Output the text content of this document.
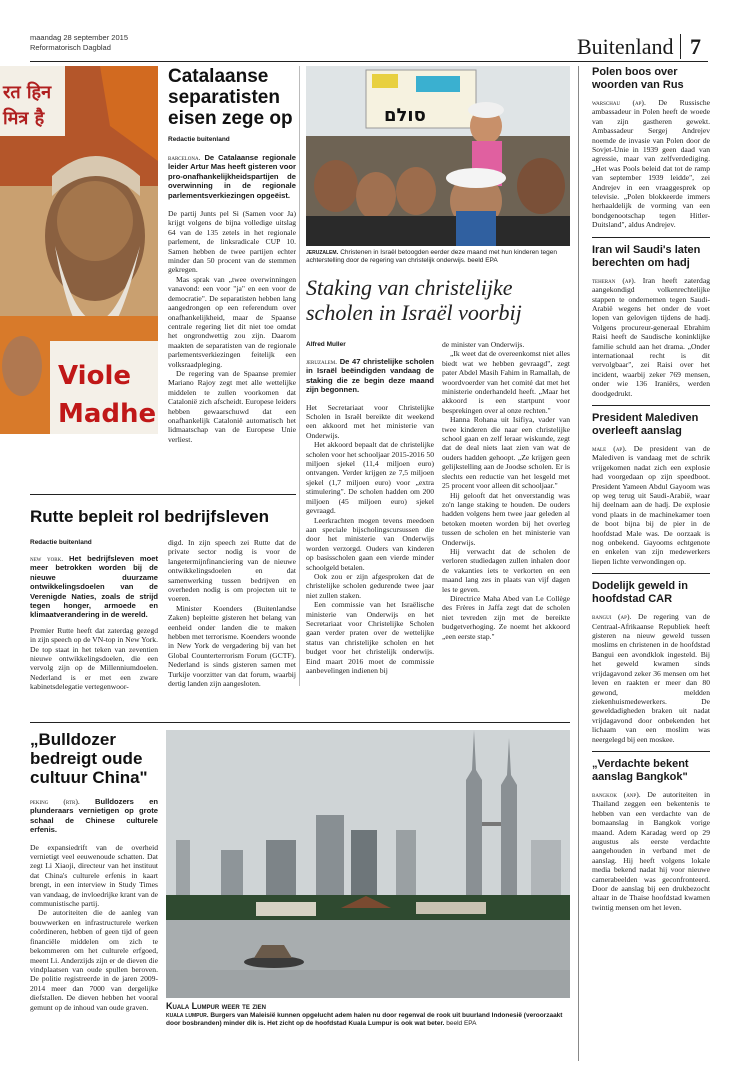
maandag 28 september 2015
Reformatorisch Dagblad	Buitenland 7
रत हिन
मित्र है
Viole
Madhe
Catalaanse separatisten eisen zege op
Redactie buitenland
barcelona. De Catalaanse regionale leider Artur Mas heeft gisteren voor pro-onafhankelijkheidspartijen de overwinning in de regionale parlementsverkiezingen opgeëist.

De partij Junts pel Si (Samen voor Ja) krijgt volgens de bijna volledige uitslag 64 van de 135 zetels in het regionale parlement, de linksradicale CUP 10. Samen hebben de twee partijen echter minder dan 50 procent van de stemmen gekregen.

Mas sprak van „twee overwinningen vanavond: een voor "ja" en een voor de democratie". De separatisten hebben lang aangedrongen op een referendum over onafhankelijkheid, maar de Spaanse centrale regering liet dit niet toe omdat het ongrondwettig zou zijn. Daarom maakten de separatisten van de regionale parlementsverkiezingen feitelijk een volksraadpleging.

De regering van de Spaanse premier Mariano Rajoy zegt met alle wettelijke middelen te zullen voorkomen dat Catalonië zich afscheidt. Europese leiders hebben gewaarschuwd dat een onafhankelijk Catalonië automatisch het lidmaatschap van de Europese Unie verliest.

סולם
jeruzalem. Christenen in Israël betoogden eerder deze maand met hun kinderen tegen achterstelling door de regering van christelijk onderwijs. beeld EPA
Staking van christelijke scholen in Israël voorbij
Alfred Muller
jeruzalem. De 47 christelijke scholen in Israël beëindigden vandaag de staking die ze begin deze maand zijn begonnen.

Het Secretariaat voor Christelijke Scholen in Israël bereikte dit weekend een akkoord met het ministerie van Onderwijs.

Het akkoord bepaalt dat de christelijke scholen voor het schooljaar 2015-2016 50 miljoen sjekel (11,4 miljoen euro) ontvangen. Verder krijgen ze 7,5 miljoen sjekel (1,7 miljoen euro) voor „extra stimulering". De scholen hadden om 200 miljoen (45 miljoen euro) sjekel gevraagd.

Leerkrachten mogen tevens meedoen aan speciale bijscholingscursussen die door het ministerie van Onderwijs worden verzorgd. Ouders van kinderen op basisscholen gaan een vierde minder schoolgeld betalen.

Ook zou er zijn afgesproken dat de christelijke scholen gedurende twee jaar niet zullen staken.

Een commissie van het Israëlische ministerie van Onderwijs en het Secretariaat voor Christelijke Scholen gaan verder praten over de wettelijke status van christelijke scholen en het budget voor het christelijk onderwijs. Eind maart 2016 moet de commissie aanbevelingen indienen bij

de minister van Onderwijs.

„Ik weet dat de overeenkomst niet alles biedt wat we hebben gevraagd", zegt pater Abdel Masih Fahim in Ramallah, de woordvoerder van het comité dat met het ministerie onderhandeld heeft. „Maar het akkoord is een startpunt voor besprekingen over al onze rechten."

Hanna Rohana uit Isifiya, vader van twee kinderen die naar een christelijke school gaan en zelf leraar wiskunde, zegt dat de deal niets laat zien van wat de ouders hadden gehoopt. „Ze krijgen geen gelijkstelling aan de Joodse scholen. Er is slechts een reductie van het lesgeld met 25 procent voor alleen dit schooljaar."

Hij gelooft dat het onverstandig was zo'n lange staking te houden. De ouders hadden volgens hem twee jaar geleden al betoken moeten worden bij het overleg tussen de scholen en het ministerie van Onderwijs.

Hij verwacht dat de scholen de verloren studiedagen zullen inhalen door de vakanties iets te verkorten en een maand lang zes in plaats van vijf dagen les te geven.

Directrice Maha Abed van Le Collège des Frères in Jaffa zegt dat de scholen niet tevreden zijn met de bereikte budgetverhoging. Ze noemt het akkoord „een eerste stap."

Rutte bepleit rol bedrijfsleven
Redactie buitenland
new york. Het bedrijfsleven moet meer betrokken worden bij de nieuwe duurzame ontwikkelingsdoelen van de Verenigde Naties, zoals de strijd tegen honger, armoede en klimaatverandering in de wereld.
Premier Rutte heeft dat zaterdag gezegd in zijn speech op de VN-top in New York. De top staat in het teken van zeventien nieuwe ontwikkelingsdoelen, die een vervolg zijn op de Millenniumdoelen. Nederland is er met een zware kabinetsdelegatie vertegenwoor-

digd. In zijn speech zei Rutte dat de private sector nodig is voor de langetermijnfinanciering van de nieuwe ontwikkelingsdoelen en dat samenwerking tussen bedrijven en overheden nodig is om projecten uit te voeren.

Minister Koenders (Buitenlandse Zaken) bepleitte gisteren het belang van eenheid onder landen die te maken hebben met terrorisme. Koenders woonde in New York de vergadering bij van het Global Counterterrorism Forum (GCTF). Nederland is sinds gisteren samen met Turkije voorzitter van dat forum, waarbij dertig landen zijn aangesloten.

„Bulldozer bedreigt oude cultuur China"
peking (rtr). Bulldozers en plunderaars vernietigen op grote schaal de Chinese culturele erfenis.

De expansiedrift van de overheid vernietigt veel eeuwenoude schatten. Dat zegt Li Xiaoji, directeur van het instituut dat China's culturele erfenis in kaart brengt, in een interview in Study Times van vandaag, de invloedrijke krant van de communistische partij.

De autoriteiten die de aanleg van bouwwerken en infrastructurele werken coördineren, hebben of geen tijd of geen financiële middelen om zich te bekommeren om het culturele erfgoed, meent Li. Anderzijds zijn er de dieven die vindplaatsen van oude spullen beroven. De politie registreerde in de jaren 2009-2014 meer dan 7000 van dergelijke diefstallen. De dieven hebben het vooral gemunt op de inhoud van oude graven.	Kuala Lumpur weer te zien
kuala lumpur. Burgers van Maleisië kunnen opgelucht adem halen nu door regenval de rook uit buurland Indonesië (veroorzaakt door bosbranden) minder dik is. Het zicht op de hoofdstad Kuala Lumpur is ook wat beter. beeld EPA
Polen boos over woorden van Rus
warschau (ap). De Russische ambassadeur in Polen heeft de woede van zijn gastheren gewekt. Ambassadeur Sergej Andrejev noemde de invasie van Polen door de Sovjet-Unie in 1939 geen daad van agressie, maar van zelfverdediging. „Het was Pools beleid dat tot de ramp van september 1939 leidde", zei Andrejev in een vraaggesprek op televisie. „Polen blokkeerde immers herhaaldelijk de vorming van een bondgenootschap tegen Hitler-Duitsland", aldus Andrejev.
Iran wil Saudi's laten berechten om hadj
teheran (ap). Iran heeft zaterdag aangekondigd volkenrechtelijke stappen te ondernemen tegen Saudi-Arabië wegens het onder de voet lopen van gelovigen tijdens de hadj. Volgens procureur-generaal Ebrahim Raisi heeft de Saudische koninklijke familie schuld aan het drama. „Onder internationaal recht is dit vervolgbaar", zei Raisi over het incident, waarbij zeker 769 mensen, onder wie 136 Iraniërs, werden doodgedrukt.
President Malediven overleeft aanslag
male (ap). De president van de Malediven is vandaag met de schrik vrijgekomen nadat zich een explosie had voorgedaan op zijn speedboot. President Yameen Abdul Gayoom was op weg terug uit Saudi-Arabië, waar hij deelnam aan de hadj. De explosie vond plaats in de machinekamer toen de boot bijna bij de pier in de hoofdstad Male was. De oorzaak is nog onbekend. Gayooms echtgenote en enkelen van zijn medewerkers liepen lichte verwondingen op.
Dodelijk geweld in hoofdstad CAR
bangui (ap). De regering van de Centraal-Afrikaanse Republiek heeft gisteren na nieuw geweld tussen moslims en christenen in de hoofdstad Bangui een avondklok ingesteld. Bij het geweld kwamen sinds vrijdagavond zeker 36 mensen om het leven en raakten er meer dan 80 gewond, meldden ziekenhuismedewerkers. De geweldadigheden braken uit nadat vrijdagavond door onbekenden het lichaam van een moslim was neergelegd bij een moskee.
„Verdachte bekent aanslag Bangkok"
bangkok (anp). De autoriteiten in Thailand zeggen een bekentenis te hebben van een verdachte van de bomaanslag in Bangkok vorige maand. Adem Karadag werd op 29 augustus als eerste verdachte aangehouden in verband met de aanslag. Hij heeft volgens lokale media bekend nadat hij voor nieuwe camerabeelden was geconfronteerd. Door de aanslag bij een drukbezocht altaar in de Thaise hoofdstad kwamen twintig mensen om het leven.
